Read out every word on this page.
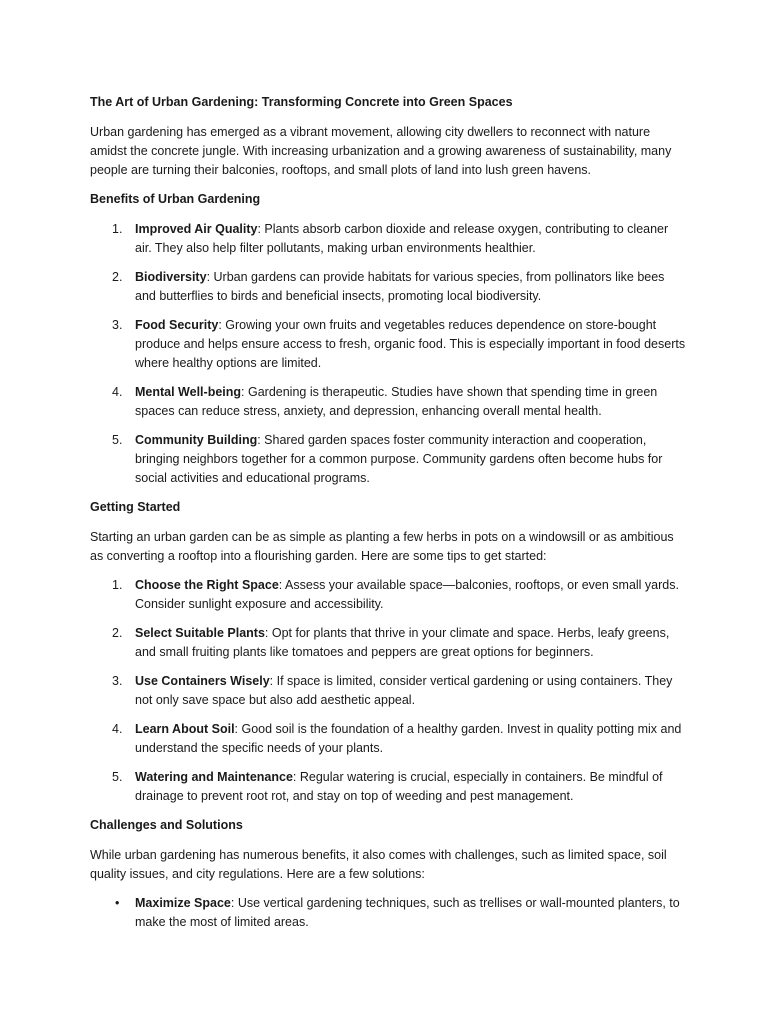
The Art of Urban Gardening: Transforming Concrete into Green Spaces

Urban gardening has emerged as a vibrant movement, allowing city dwellers to reconnect with nature amidst the concrete jungle. With increasing urbanization and a growing awareness of sustainability, many people are turning their balconies, rooftops, and small plots of land into lush green havens.

Benefits of Urban Gardening

1.	Improved Air Quality: Plants absorb carbon dioxide and release oxygen, contributing to cleaner air. They also help filter pollutants, making urban environments healthier.
2.	Biodiversity: Urban gardens can provide habitats for various species, from pollinators like bees and butterflies to birds and beneficial insects, promoting local biodiversity.
3.	Food Security: Growing your own fruits and vegetables reduces dependence on store-bought produce and helps ensure access to fresh, organic food. This is especially important in food deserts where healthy options are limited.
4.	Mental Well-being: Gardening is therapeutic. Studies have shown that spending time in green spaces can reduce stress, anxiety, and depression, enhancing overall mental health.
5.	Community Building: Shared garden spaces foster community interaction and cooperation, bringing neighbors together for a common purpose. Community gardens often become hubs for social activities and educational programs.

Getting Started

Starting an urban garden can be as simple as planting a few herbs in pots on a windowsill or as ambitious as converting a rooftop into a flourishing garden. Here are some tips to get started:

1.	Choose the Right Space: Assess your available space—balconies, rooftops, or even small yards. Consider sunlight exposure and accessibility.
2.	Select Suitable Plants: Opt for plants that thrive in your climate and space. Herbs, leafy greens, and small fruiting plants like tomatoes and peppers are great options for beginners.
3.	Use Containers Wisely: If space is limited, consider vertical gardening or using containers. They not only save space but also add aesthetic appeal.
4.	Learn About Soil: Good soil is the foundation of a healthy garden. Invest in quality potting mix and understand the specific needs of your plants.
5.	Watering and Maintenance: Regular watering is crucial, especially in containers. Be mindful of drainage to prevent root rot, and stay on top of weeding and pest management.

Challenges and Solutions

While urban gardening has numerous benefits, it also comes with challenges, such as limited space, soil quality issues, and city regulations. Here are a few solutions:

• Maximize Space: Use vertical gardening techniques, such as trellises or wall-mounted planters, to make the most of limited areas.
